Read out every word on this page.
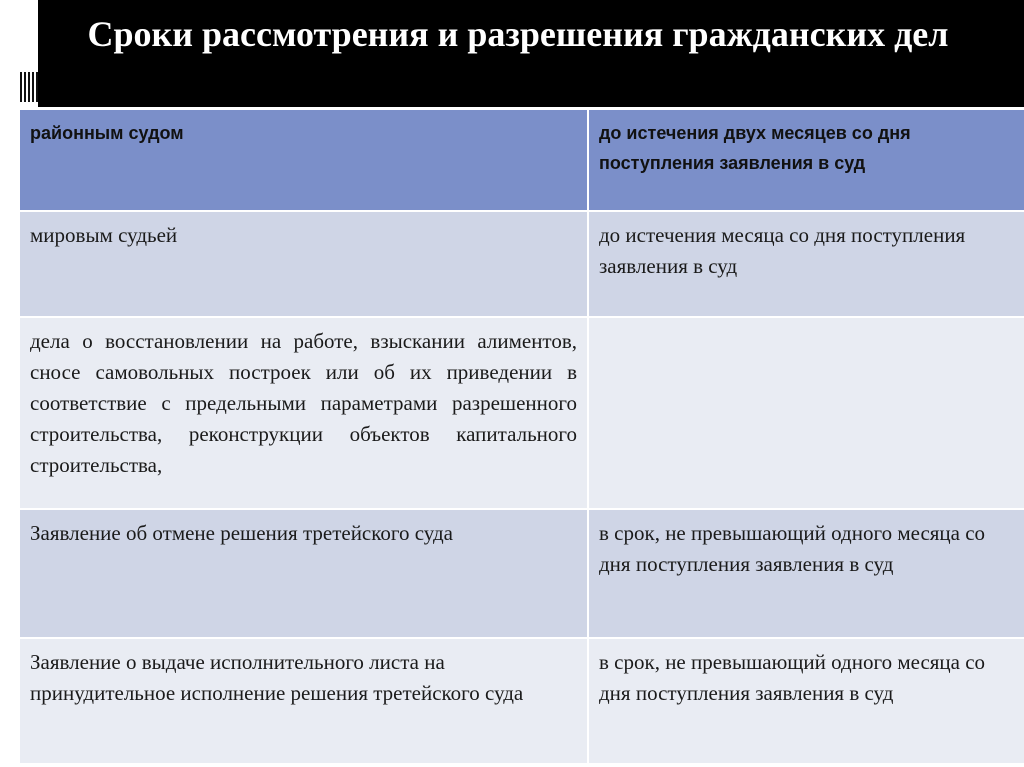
Сроки рассмотрения и разрешения гражданских дел
районным судом	до истечения двух месяцев со дня поступления заявления в суд
мировым судьей	до истечения месяца со дня поступления заявления в суд
дела о восстановлении на работе, взыскании алиментов, сносе самовольных построек или об их приведении в соответствие с предельными параметрами разрешенного строительства, реконструкции объектов капитального строительства,	
Заявление об отмене решения третейского суда	в срок, не превышающий одного месяца со дня поступления заявления в суд
Заявление о выдаче исполнительного листа на принудительное исполнение решения третейского суда	в срок, не превышающий одного месяца со дня поступления заявления в суд
